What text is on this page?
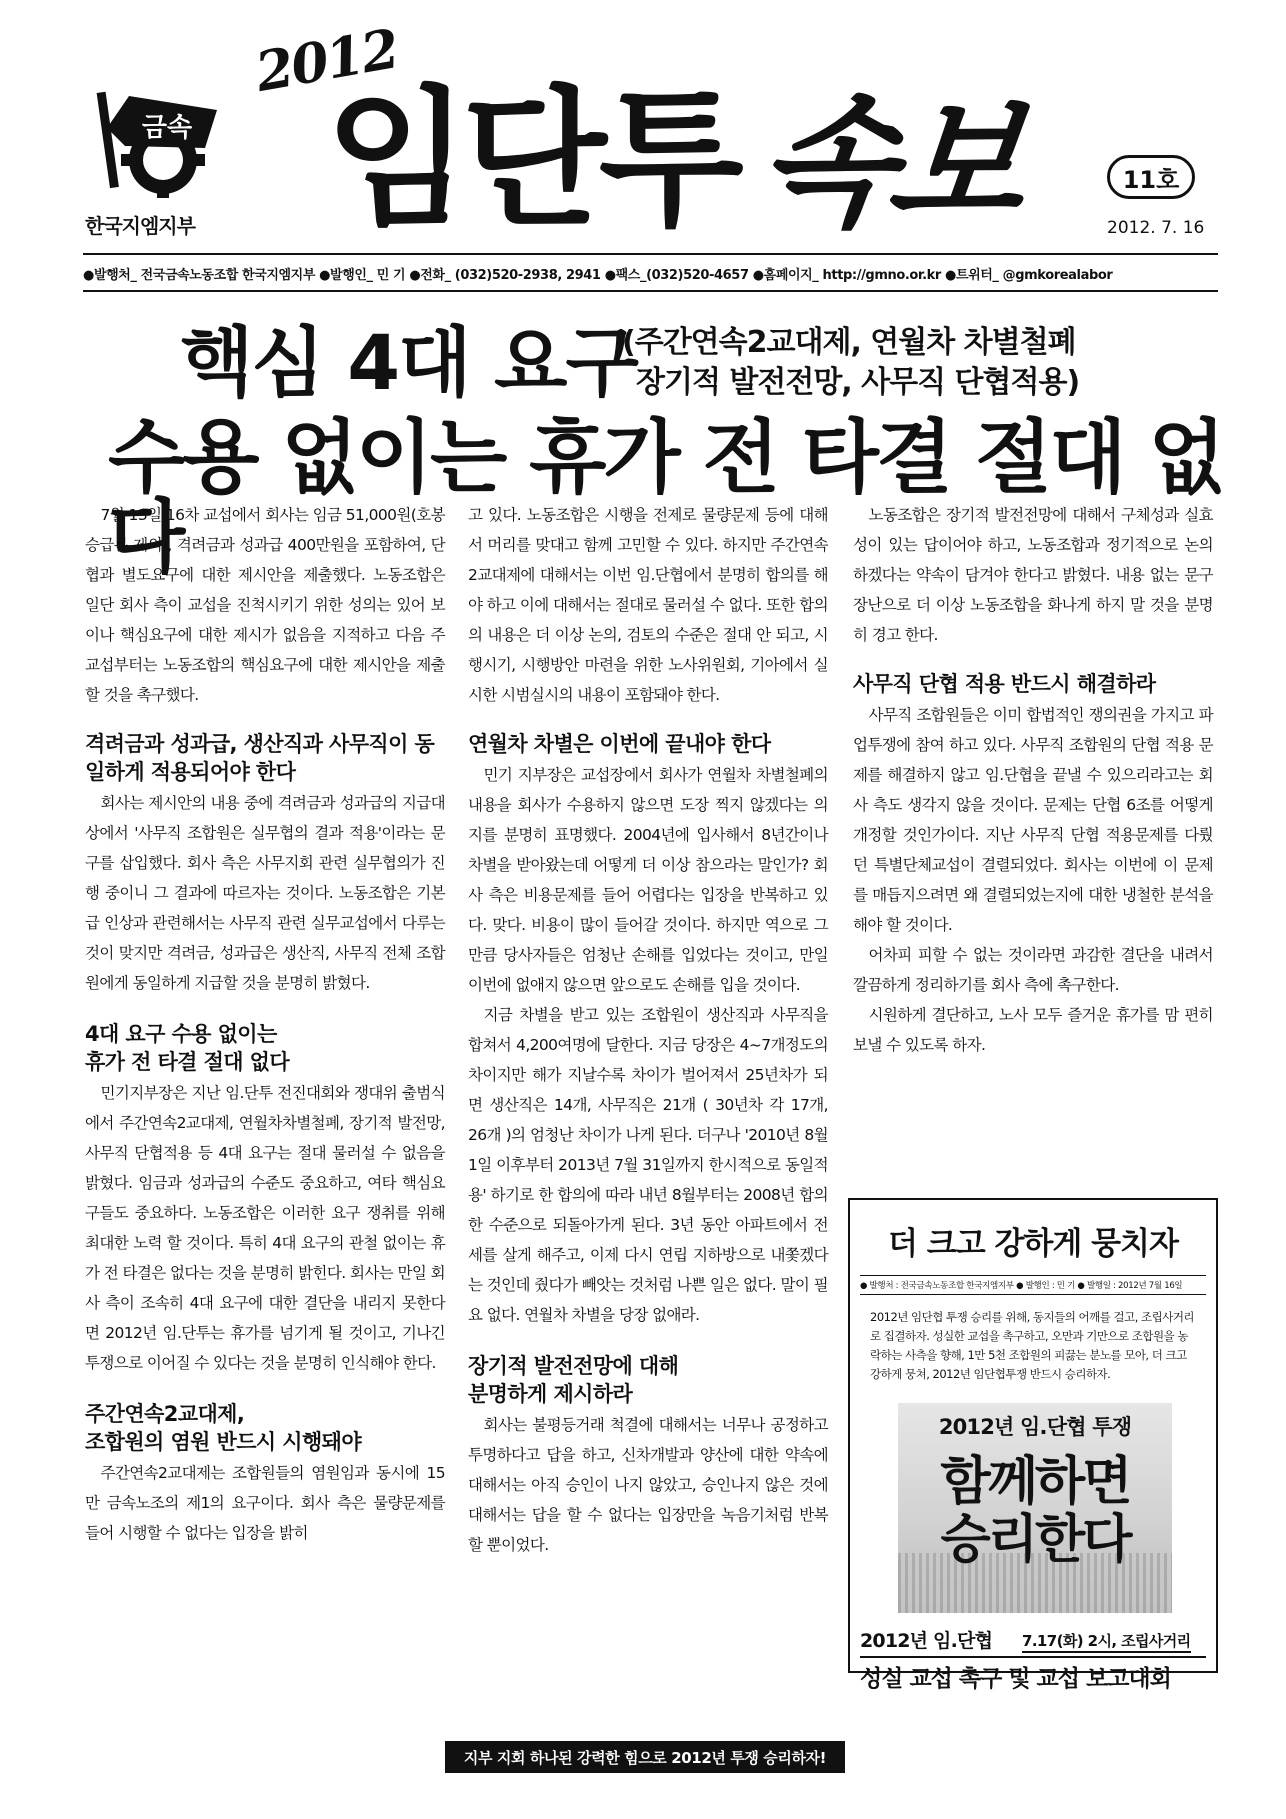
금속
한국지엠지부
2012
임단투 속보	11호
2012. 7. 16
●발행처_ 전국금속노동조합 한국지엠지부 ●발행인_ 민 기 ●전화_ (032)520-2938, 2941 ●팩스_(032)520-4657 ●홈페이지_ http://gmno.or.kr ●트위터_ @gmkorealabor
핵심 4대 요구
(주간연속2교대제, 연월차 차별철폐
장기적 발전전망, 사무직 단협적용)
수용 없이는 휴가 전 타결 절대 없다

7월 13일 16차 교섭에서 회사는 임금 51,000원(호봉 승급분 제외), 격려금과 성과급 400만원을 포함하여, 단협과 별도요구에 대한 제시안을 제출했다. 노동조합은 일단 회사 측이 교섭을 진척시키기 위한 성의는 있어 보이나 핵심요구에 대한 제시가 없음을 지적하고 다음 주 교섭부터는 노동조합의 핵심요구에 대한 제시안을 제출할 것을 촉구했다.

격려금과 성과급, 생산직과 사무직이 동일하게 적용되어야 한다

회사는 제시안의 내용 중에 격려금과 성과급의 지급대상에서 '사무직 조합원은 실무협의 결과 적용'이라는 문구를 삽입했다. 회사 측은 사무지회 관련 실무협의가 진행 중이니 그 결과에 따르자는 것이다. 노동조합은 기본급 인상과 관련해서는 사무직 관련 실무교섭에서 다루는 것이 맞지만 격려금, 성과급은 생산직, 사무직 전체 조합원에게 동일하게 지급할 것을 분명히 밝혔다.

4대 요구 수용 없이는
휴가 전 타결 절대 없다

민기지부장은 지난 임.단투 전진대회와 쟁대위 출범식에서 주간연속2교대제, 연월차차별철폐, 장기적 발전망, 사무직 단협적용 등 4대 요구는 절대 물러설 수 없음을 밝혔다. 임금과 성과급의 수준도 중요하고, 여타 핵심요구들도 중요하다. 노동조합은 이러한 요구 쟁취를 위해 최대한 노력 할 것이다. 특히 4대 요구의 관철 없이는 휴가 전 타결은 없다는 것을 분명히 밝힌다. 회사는 만일 회사 측이 조속히 4대 요구에 대한 결단을 내리지 못한다면 2012년 임.단투는 휴가를 넘기게 될 것이고, 기나긴 투쟁으로 이어질 수 있다는 것을 분명히 인식해야 한다.

주간연속2교대제,
조합원의 염원 반드시 시행돼야

주간연속2교대제는 조합원들의 염원임과 동시에 15만 금속노조의 제1의 요구이다. 회사 측은 물량문제를 들어 시행할 수 없다는 입장을 밝히

고 있다. 노동조합은 시행을 전제로 물량문제 등에 대해서 머리를 맞대고 함께 고민할 수 있다. 하지만 주간연속2교대제에 대해서는 이번 임.단협에서 분명히 합의를 해야 하고 이에 대해서는 절대로 물러설 수 없다. 또한 합의의 내용은 더 이상 논의, 검토의 수준은 절대 안 되고, 시행시기, 시행방안 마련을 위한 노사위원회, 기아에서 실시한 시범실시의 내용이 포함돼야 한다.

연월차 차별은 이번에 끝내야 한다

민기 지부장은 교섭장에서 회사가 연월차 차별철폐의 내용을 회사가 수용하지 않으면 도장 찍지 않겠다는 의지를 분명히 표명했다. 2004년에 입사해서 8년간이나 차별을 받아왔는데 어떻게 더 이상 참으라는 말인가? 회사 측은 비용문제를 들어 어렵다는 입장을 반복하고 있다. 맞다. 비용이 많이 들어갈 것이다. 하지만 역으로 그만큼 당사자들은 엄청난 손해를 입었다는 것이고, 만일 이번에 없애지 않으면 앞으로도 손해를 입을 것이다.

지금 차별을 받고 있는 조합원이 생산직과 사무직을 합쳐서 4,200여명에 달한다. 지금 당장은 4~7개정도의 차이지만 해가 지날수록 차이가 벌어져서 25년차가 되면 생산직은 14개, 사무직은 21개 ( 30년차 각 17개, 26개 )의 엄청난 차이가 나게 된다. 더구나 '2010년 8월 1일 이후부터 2013년 7월 31일까지 한시적으로 동일적용' 하기로 한 합의에 따라 내년 8월부터는 2008년 합의 한 수준으로 되돌아가게 된다. 3년 동안 아파트에서 전세를 살게 해주고, 이제 다시 연립 지하방으로 내쫓겠다는 것인데 줬다가 빼앗는 것처럼 나쁜 일은 없다. 말이 필요 없다. 연월차 차별을 당장 없애라.

장기적 발전전망에 대해
분명하게 제시하라

회사는 불평등거래 척결에 대해서는 너무나 공정하고 투명하다고 답을 하고, 신차개발과 양산에 대한 약속에 대해서는 아직 승인이 나지 않았고, 승인나지 않은 것에 대해서는 답을 할 수 없다는 입장만을 녹음기처럼 반복할 뿐이었다.

노동조합은 장기적 발전전망에 대해서 구체성과 실효성이 있는 답이어야 하고, 노동조합과 정기적으로 논의하겠다는 약속이 담겨야 한다고 밝혔다. 내용 없는 문구장난으로 더 이상 노동조합을 화나게 하지 말 것을 분명히 경고 한다.

사무직 단협 적용 반드시 해결하라

사무직 조합원들은 이미 합법적인 쟁의권을 가지고 파업투쟁에 참여 하고 있다. 사무직 조합원의 단협 적용 문제를 해결하지 않고 임.단협을 끝낼 수 있으리라고는 회사 측도 생각지 않을 것이다. 문제는 단협 6조를 어떻게 개정할 것인가이다. 지난 사무직 단협 적용문제를 다뤘던 특별단체교섭이 결렬되었다. 회사는 이번에 이 문제를 매듭지으려면 왜 결렬되었는지에 대한 냉철한 분석을 해야 할 것이다.

어차피 피할 수 없는 것이라면 과감한 결단을 내려서 깔끔하게 정리하기를 회사 측에 촉구한다.

시원하게 결단하고, 노사 모두 즐거운 휴가를 맘 편히 보낼 수 있도록 하자.

더 크고 강하게 뭉치자
● 발행처 : 전국금속노동조합 한국지엠지부 ● 발행인 : 민 기 ● 발행일 : 2012년 7월 16일
2012년 임단협 투쟁 승리를 위해, 동지들의 어깨를 걸고, 조립사거리로 집결하자. 성실한 교섭을 촉구하고, 오만과 기만으로 조합원을 농락하는 사측을 향해, 1만 5천 조합원의 피끓는 분노를 모아, 더 크고 강하게 뭉쳐, 2012년 임단협투쟁 반드시 승리하자.
2012년 임.단협 투쟁
함께하면
승리한다
2012년 임.단협 7.17(화) 2시, 조립사거리
성실 교섭 촉구 및 교섭 보고대회
지부 지회 하나된 강력한 힘으로 2012년 투쟁 승리하자!
